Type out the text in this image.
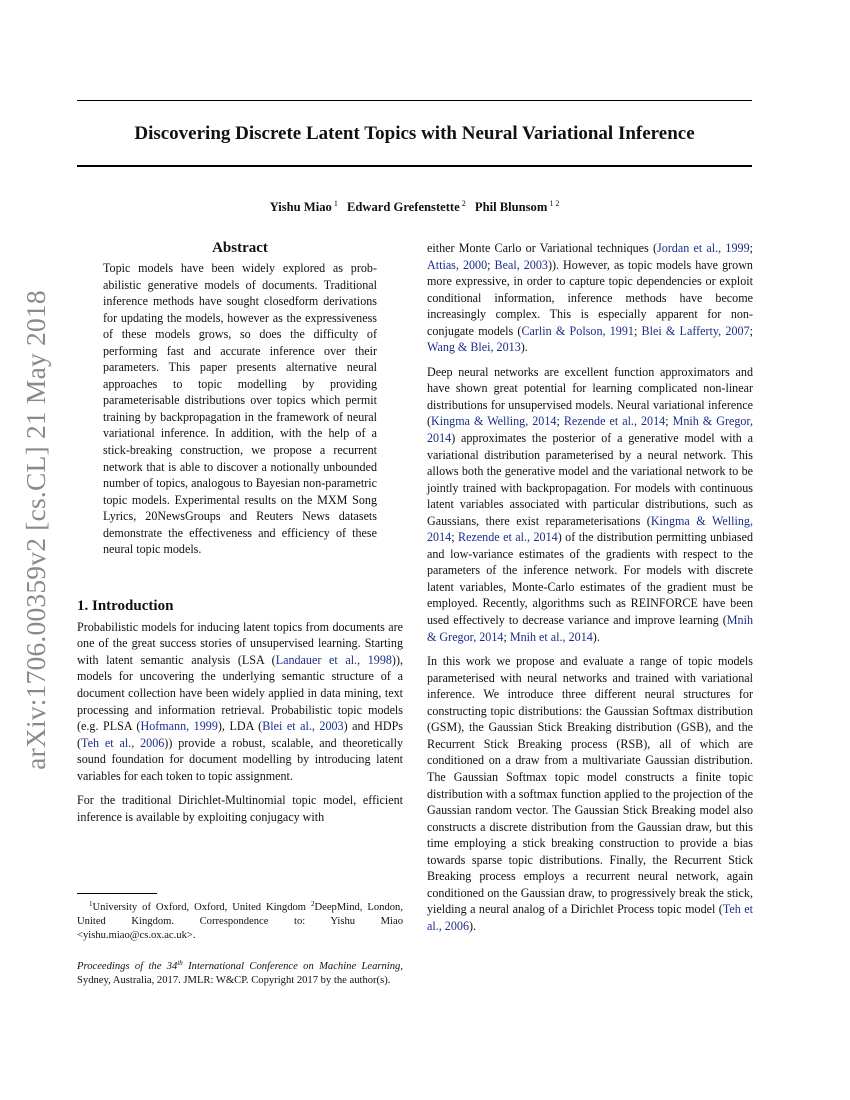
arXiv:1706.00359v2 [cs.CL] 21 May 2018
Discovering Discrete Latent Topics with Neural Variational Inference
Yishu Miao $^1$ Edward Grefenstette $^2$ Phil Blunsom $^{1 2}$
Abstract

Topic models have been widely explored as probabilistic generative models of documents. Traditional inference methods have sought closedform derivations for updating the models, however as the expressiveness of these models grows, so does the difficulty of performing fast and accurate inference over their parameters. This paper presents alternative neural approaches to topic modelling by providing parameterisable distributions over topics which permit training by backpropagation in the framework of neural variational inference. In addition, with the help of a stick-breaking construction, we propose a recurrent network that is able to discover a notionally unbounded number of topics, analogous to Bayesian non-parametric topic models. Experimental results on the MXM Song Lyrics, 20NewsGroups and Reuters News datasets demonstrate the effectiveness and efficiency of these neural topic models.

1. Introduction

Probabilistic models for inducing latent topics from documents are one of the great success stories of unsupervised learning. Starting with latent semantic analysis (LSA (Landauer et al., 1998)), models for uncovering the underlying semantic structure of a document collection have been widely applied in data mining, text processing and information retrieval. Probabilistic topic models (e.g. PLSA (Hofmann, 1999), LDA (Blei et al., 2003) and HDPs (Teh et al., 2006)) provide a robust, scalable, and theoretically sound foundation for document modelling by introducing latent variables for each token to topic assignment.

For the traditional Dirichlet-Multinomial topic model, efficient inference is available by exploiting conjugacy with

$^1$University of Oxford, Oxford, United Kingdom $^2$DeepMind, London, United Kingdom. Correspondence to: Yishu Miao <yishu.miao@cs.ox.ac.uk>.

Proceedings of the 34th International Conference on Machine Learning, Sydney, Australia, 2017. JMLR: W&CP. Copyright 2017 by the author(s).

either Monte Carlo or Variational techniques (Jordan et al., 1999; Attias, 2000; Beal, 2003)). However, as topic models have grown more expressive, in order to capture topic dependencies or exploit conditional information, inference methods have become increasingly complex. This is especially apparent for non-conjugate models (Carlin & Polson, 1991; Blei & Lafferty, 2007; Wang & Blei, 2013).

Deep neural networks are excellent function approximators and have shown great potential for learning complicated non-linear distributions for unsupervised models. Neural variational inference (Kingma & Welling, 2014; Rezende et al., 2014; Mnih & Gregor, 2014) approximates the posterior of a generative model with a variational distribution parameterised by a neural network. This allows both the generative model and the variational network to be jointly trained with backpropagation. For models with continuous latent variables associated with particular distributions, such as Gaussians, there exist reparameterisations (Kingma & Welling, 2014; Rezende et al., 2014) of the distribution permitting unbiased and low-variance estimates of the gradients with respect to the parameters of the inference network. For models with discrete latent variables, Monte-Carlo estimates of the gradient must be employed. Recently, algorithms such as REINFORCE have been used effectively to decrease variance and improve learning (Mnih & Gregor, 2014; Mnih et al., 2014).

In this work we propose and evaluate a range of topic models parameterised with neural networks and trained with variational inference. We introduce three different neural structures for constructing topic distributions: the Gaussian Softmax distribution (GSM), the Gaussian Stick Breaking distribution (GSB), and the Recurrent Stick Breaking process (RSB), all of which are conditioned on a draw from a multivariate Gaussian distribution. The Gaussian Softmax topic model constructs a finite topic distribution with a softmax function applied to the projection of the Gaussian random vector. The Gaussian Stick Breaking model also constructs a discrete distribution from the Gaussian draw, but this time employing a stick breaking construction to provide a bias towards sparse topic distributions. Finally, the Recurrent Stick Breaking process employs a recurrent neural network, again conditioned on the Gaussian draw, to progressively break the stick, yielding a neural analog of a Dirichlet Process topic model (Teh et al., 2006).
